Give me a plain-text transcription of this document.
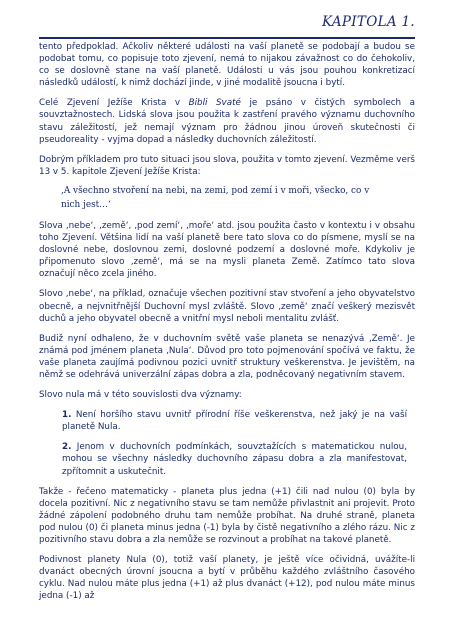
KAPITOLA 1.

tento předpoklad. Ačkoliv některé události na vaší planetě se podobají a budou se podobat tomu, co popisuje toto zjevení, nemá to nijakou závažnost co do čehokoliv, co se doslovně stane na vaší planetě. Události u vás jsou pouhou konkretizací následků událostí, k nimž dochází jinde, v jiné modalitě jsoucna i bytí.

Celé Zjevení Ježíše Krista v Bibli Svaté je psáno v čistých symbolech a souvztažnostech. Lidská slova jsou použita k zastření pravého významu duchovního stavu záležitostí, jež nemají význam pro žádnou jinou úroveň skutečnosti či pseudoreality - vyjma dopad a následky duchovních záležitostí.

Dobrým příkladem pro tuto situaci jsou slova, použita v tomto zjevení. Vezměme verš 13 v 5. kapitole Zjevení Ježíše Krista:

‚A všechno stvoření na nebi, na zemi, pod zemí i v moři, všecko, co v nich jest…‘

Slova ‚nebe‘, ‚země‘, ‚pod zemí‘, ‚moře‘ atd. jsou použita často v kontextu i v obsahu toho Zjevení. Většina lidí na vaší planetě bere tato slova co do písmene, myslí se na doslovné nebe, doslovnou zemi, doslovné podzemí a doslovné moře. Kdykoliv je připomenuto slovo ‚země‘, má se na mysli planeta Země. Zatímco tato slova označují něco zcela jiného.

Slovo ‚nebe‘, na příklad, označuje všechen pozitivní stav stvoření a jeho obyvatelstvo obecně, a nejvnitřnější Duchovní mysl zvláště. Slovo ‚země‘ značí veškerý mezisvět duchů a jeho obyvatel obecně a vnitřní mysl neboli mentalitu zvlášť.

Budiž nyní odhaleno, že v duchovním světě vaše planeta se nenazývá ‚Země‘. Je známá pod jménem planeta ‚Nula‘. Důvod pro toto pojmenování spočívá ve faktu, že vaše planeta zaujímá podivnou pozici uvnitř struktury veškerenstva. Je jevištěm, na němž se odehrává univerzální zápas dobra a zla, podněcovaný negativním stavem.

Slovo nula má v této souvislosti dva významy:

1. Není horšího stavu uvnitř přírodní říše veškerenstva, než jaký je na vaší planetě Nula.
2. Jenom v duchovních podmínkách, souvztažících s matematickou nulou, mohou se všechny následky duchovního zápasu dobra a zla manifestovat, zpřítomnit a uskutečnit.

Takže - řečeno matematicky - planeta plus jedna (+1) čili nad nulou (0) byla by docela pozitivní. Nic z negativního stavu se tam nemůže přivlastnit ani projevit. Proto žádné zápolení podobného druhu tam nemůže probíhat. Na druhé straně, planeta pod nulou (0) či planeta minus jedna (-1) byla by čistě negativního a zlého rázu. Nic z pozitivního stavu dobra a zla nemůže se rozvinout a probíhat na takové planetě.

Podivnost planety Nula (0), totiž vaší planety, je ještě více očividná, uvážíte-li dvanáct obecných úrovní jsoucna a bytí v průběhu každého zvláštního časového cyklu. Nad nulou máte plus jedna (+1) až plus dvanáct (+12), pod nulou máte minus jedna (-1) až
